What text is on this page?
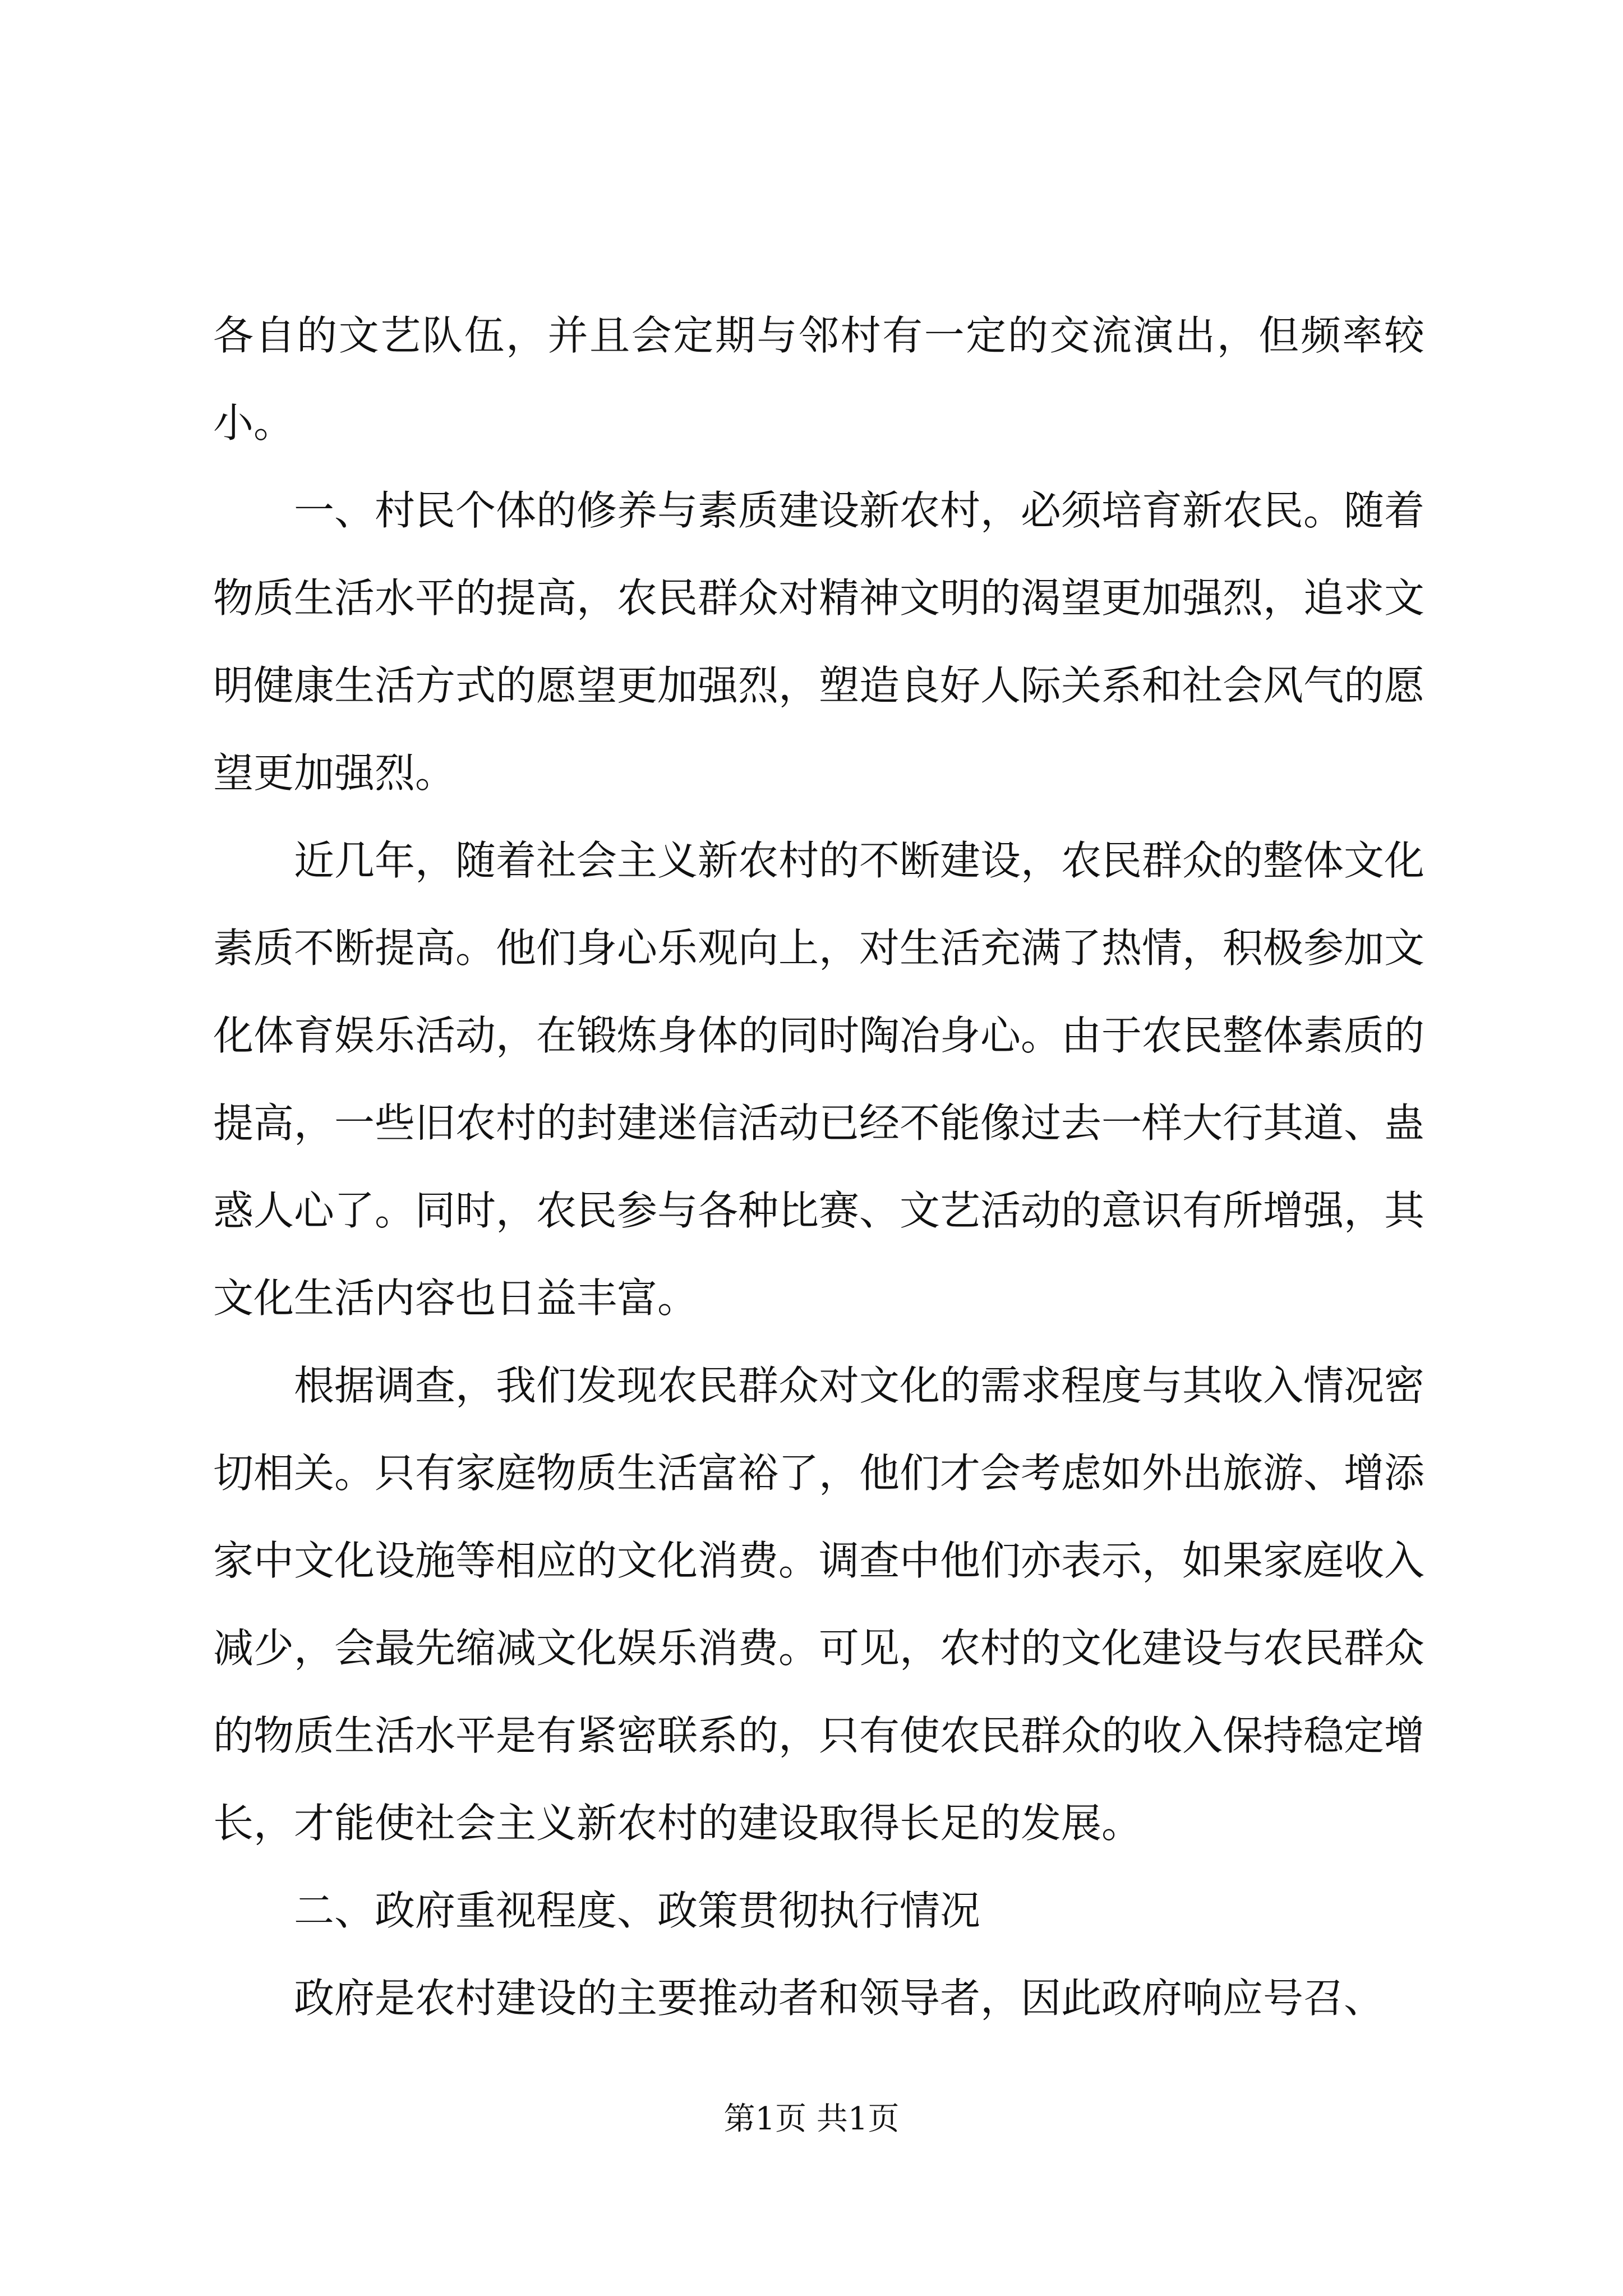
各自的文艺队伍，并且会定期与邻村有一定的交流演出，但频率较小。

一、村民个体的修养与素质建设新农村，必须培育新农民。随着物质生活水平的提高，农民群众对精神文明的渴望更加强烈，追求文明健康生活方式的愿望更加强烈，塑造良好人际关系和社会风气的愿望更加强烈。

近几年，随着社会主义新农村的不断建设，农民群众的整体文化素质不断提高。他们身心乐观向上，对生活充满了热情，积极参加文化体育娱乐活动，在锻炼身体的同时陶冶身心。由于农民整体素质的提高，一些旧农村的封建迷信活动已经不能像过去一样大行其道、蛊惑人心了。同时，农民参与各种比赛、文艺活动的意识有所增强，其文化生活内容也日益丰富。

根据调查，我们发现农民群众对文化的需求程度与其收入情况密切相关。只有家庭物质生活富裕了，他们才会考虑如外出旅游、增添家中文化设施等相应的文化消费。调查中他们亦表示，如果家庭收入减少，会最先缩减文化娱乐消费。可见，农村的文化建设与农民群众的物质生活水平是有紧密联系的，只有使农民群众的收入保持稳定增长，才能使社会主义新农村的建设取得长足的发展。

二、政府重视程度、政策贯彻执行情况

政府是农村建设的主要推动者和领导者，因此政府响应号召、

第1页 共1页
